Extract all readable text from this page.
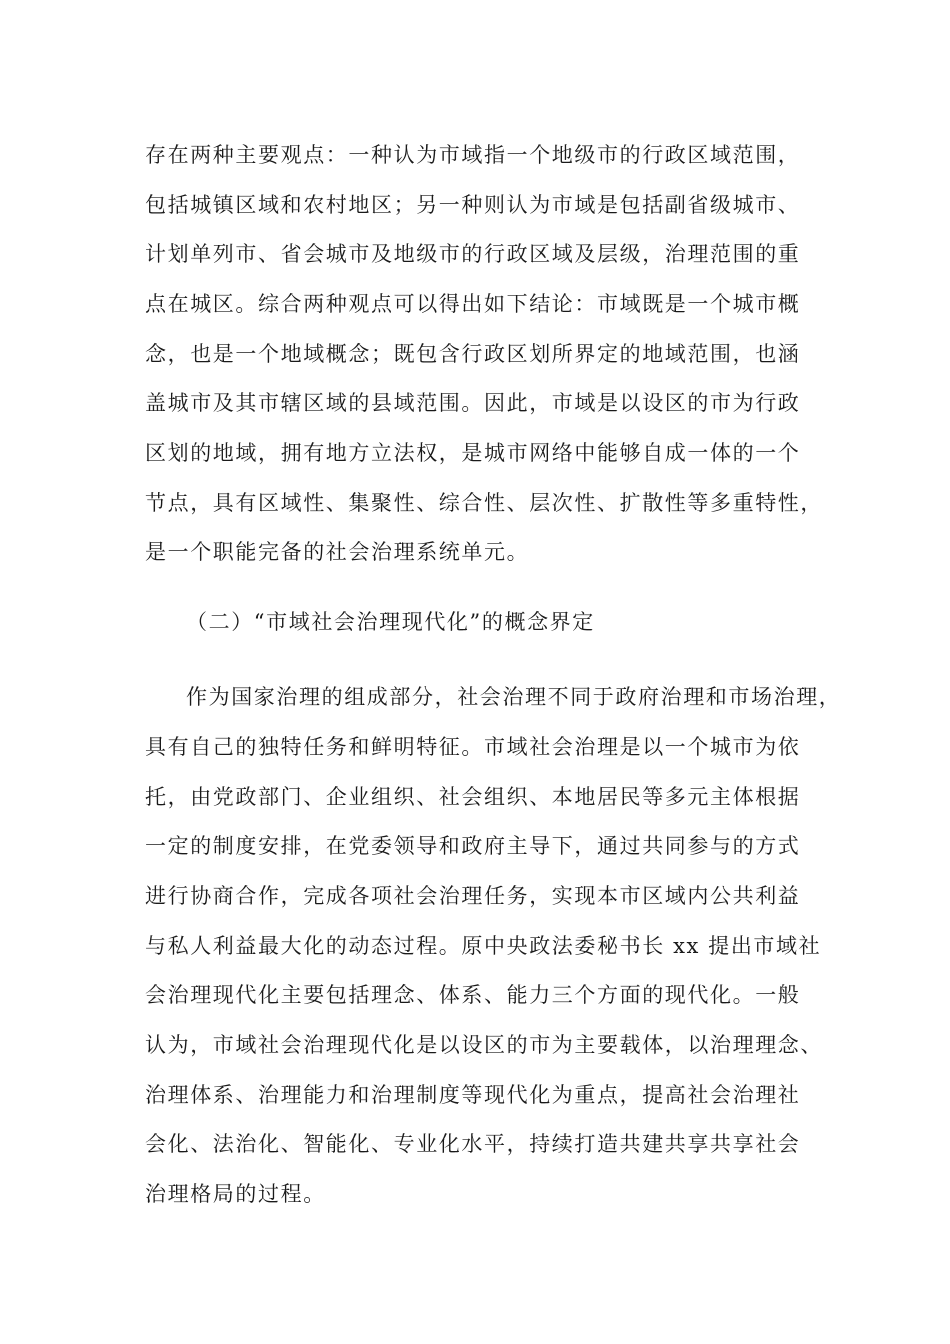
存在两种主要观点：一种认为市域指一个地级市的行政区域范围，

包括城镇区域和农村地区；另一种则认为市域是包括副省级城市、

计划单列市、省会城市及地级市的行政区域及层级，治理范围的重

点在城区。综合两种观点可以得出如下结论：市域既是一个城市概

念，也是一个地域概念；既包含行政区划所界定的地域范围，也涵

盖城市及其市辖区域的县域范围。因此，市域是以设区的市为行政

区划的地域，拥有地方立法权，是城市网络中能够自成一体的一个

节点，具有区域性、集聚性、综合性、层次性、扩散性等多重特性，

是一个职能完备的社会治理系统单元。

（二）“市域社会治理现代化”的概念界定

作为国家治理的组成部分，社会治理不同于政府治理和市场治理，

具有自己的独特任务和鲜明特征。市域社会治理是以一个城市为依

托，由党政部门、企业组织、社会组织、本地居民等多元主体根据

一定的制度安排，在党委领导和政府主导下，通过共同参与的方式

进行协商合作，完成各项社会治理任务，实现本市区域内公共利益

与私人利益最大化的动态过程。原中央政法委秘书长 xx 提出市域社

会治理现代化主要包括理念、体系、能力三个方面的现代化。一般

认为，市域社会治理现代化是以设区的市为主要载体，以治理理念、

治理体系、治理能力和治理制度等现代化为重点，提高社会治理社

会化、法治化、智能化、专业化水平，持续打造共建共享共享社会

治理格局的过程。
